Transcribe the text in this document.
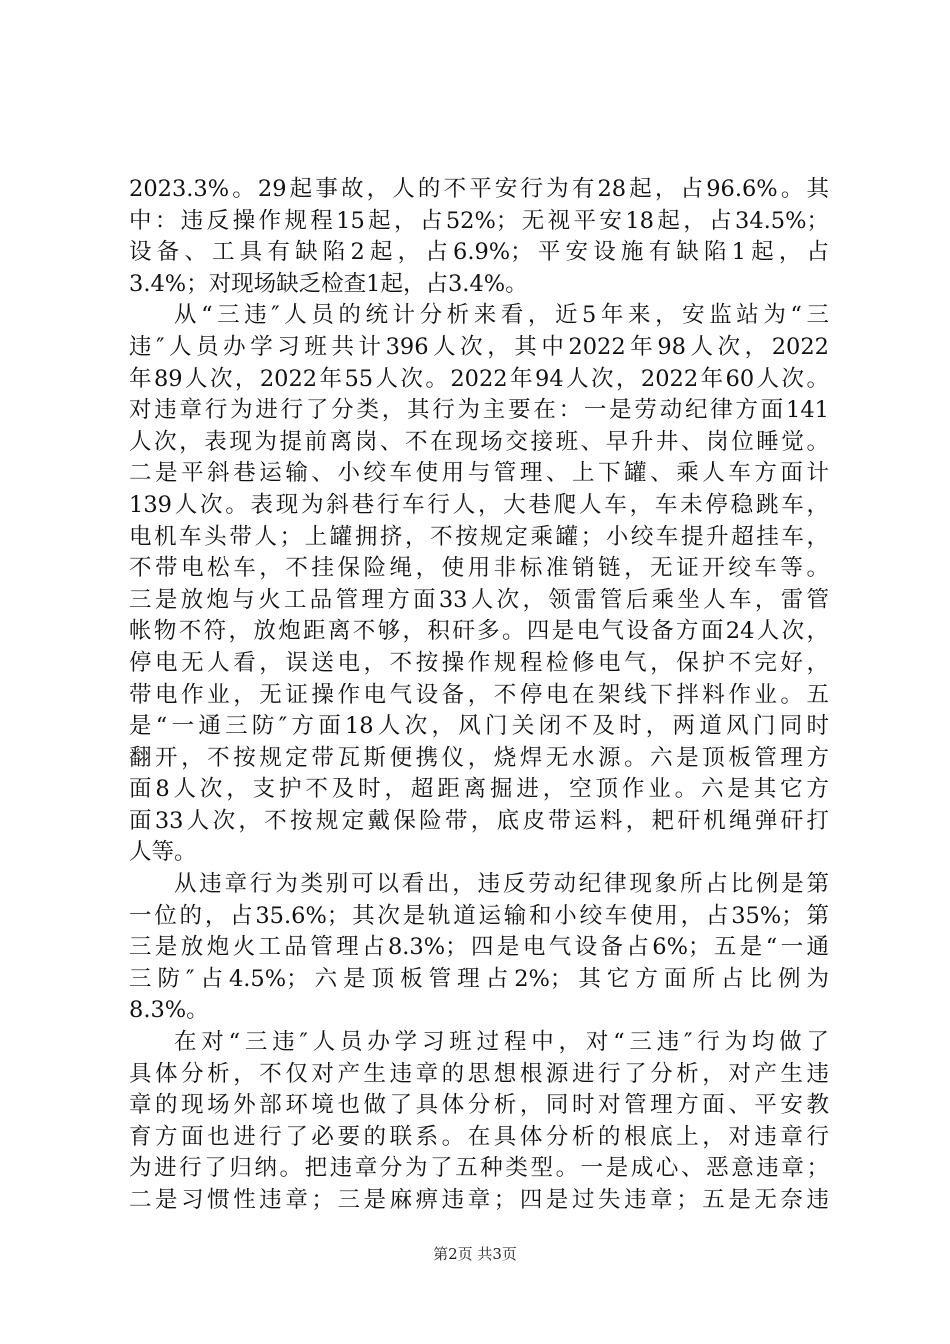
2023.3%。29起事故，人的不平安行为有28起，占96.6%。其
中：违反操作规程15起，占52%；无视平安18起，占34.5%；
设备、工具有缺陷2起，占6.9%；平安设施有缺陷1起，占
3.4%；对现场缺乏检查1起，占3.4%。
从“三违″人员的统计分析来看，近5年来，安监站为“三
违″人员办学习班共计396人次，其中2022年98人次，2022
年89人次，2022年55人次。2022年94人次，2022年60人次。
对违章行为进行了分类，其行为主要在：一是劳动纪律方面141
人次，表现为提前离岗、不在现场交接班、早升井、岗位睡觉。
二是平斜巷运输、小绞车使用与管理、上下罐、乘人车方面计
139人次。表现为斜巷行车行人，大巷爬人车，车未停稳跳车，
电机车头带人；上罐拥挤，不按规定乘罐；小绞车提升超挂车，
不带电松车，不挂保险绳，使用非标准销链，无证开绞车等。
三是放炮与火工品管理方面33人次，领雷管后乘坐人车，雷管
帐物不符，放炮距离不够，积矸多。四是电气设备方面24人次，
停电无人看，误送电，不按操作规程检修电气，保护不完好，
带电作业，无证操作电气设备，不停电在架线下拌料作业。五
是“一通三防″方面18人次，风门关闭不及时，两道风门同时
翻开，不按规定带瓦斯便携仪，烧焊无水源。六是顶板管理方
面8人次，支护不及时，超距离掘进，空顶作业。六是其它方
面33人次，不按规定戴保险带，底皮带运料，耙矸机绳弹矸打
人等。
从违章行为类别可以看出，违反劳动纪律现象所占比例是第
一位的，占35.6%；其次是轨道运输和小绞车使用，占35%；第
三是放炮火工品管理占8.3%；四是电气设备占6%；五是“一通
三防″占4.5%；六是顶板管理占2%；其它方面所占比例为
8.3%。
在对“三违″人员办学习班过程中，对“三违″行为均做了
具体分析，不仅对产生违章的思想根源进行了分析，对产生违
章的现场外部环境也做了具体分析，同时对管理方面、平安教
育方面也进行了必要的联系。在具体分析的根底上，对违章行
为进行了归纳。把违章分为了五种类型。一是成心、恶意违章；
二是习惯性违章；三是麻痹违章；四是过失违章；五是无奈违
第2页 共3页
